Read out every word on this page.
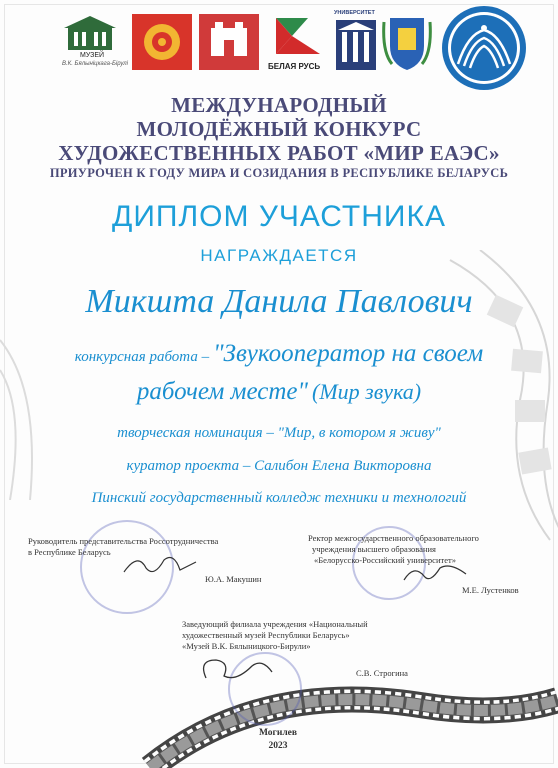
МУЗЕЙ
В.К. Бялыніцкага-Бірулі	БЕЛАЯ РУСЬ
УНИВЕРСИТЕТ
МЕЖДУНАРОДНЫЙ
МОЛОДЁЖНЫЙ КОНКУРС
ХУДОЖЕСТВЕННЫХ РАБОТ «МИР ЕАЭС»
ПРИУРОЧЕН К ГОДУ МИРА И СОЗИДАНИЯ В РЕСПУБЛИКЕ БЕЛАРУСЬ
ДИПЛОМ УЧАСТНИКА
НАГРАЖДАЕТСЯ
Микшта Данила Павлович
конкурсная работа – "Звукооператор на своем
рабочем месте" (Мир звука)
творческая номинация – "Мир, в котором я живу"
куратор проекта – Салибон Елена Викторовна
Пинский государственный колледж техники и технологий
Руководитель представительства Россотрудничества
в Республике Беларусь
Ю.А. Макушин
Ректор межгосударственного образовательного
учреждения высшего образования
«Белорусско-Российский университет»
М.Е. Лустенков
Заведующий филиала учреждения «Национальный
художественный музей Республики Беларусь»
«Музей В.К. Бялыницкого-Бирули»
С.В. Строгина
Могилев
2023
